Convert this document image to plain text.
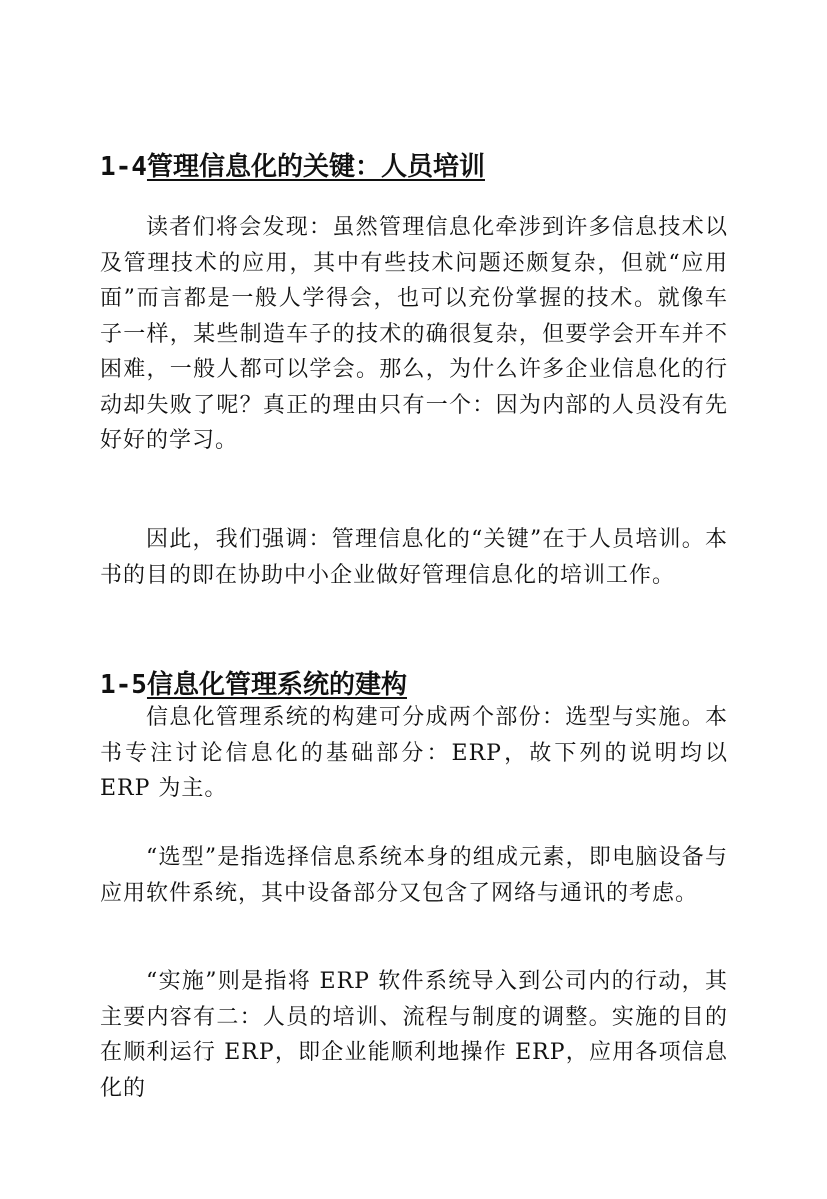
1-4管理信息化的关键：人员培训

读者们将会发现：虽然管理信息化牵涉到许多信息技术以及管理技术的应用，其中有些技术问题还颇复杂，但就“应用面”而言都是一般人学得会，也可以充份掌握的技术。就像车子一样，某些制造车子的技术的确很复杂，但要学会开车并不困难，一般人都可以学会。那么，为什么许多企业信息化的行动却失败了呢？真正的理由只有一个：因为内部的人员没有先好好的学习。

因此，我们强调：管理信息化的“关键”在于人员培训。本书的目的即在协助中小企业做好管理信息化的培训工作。

1-5信息化管理系统的建构

信息化管理系统的构建可分成两个部份：选型与实施。本书专注讨论信息化的基础部分：ERP，故下列的说明均以 ERP 为主。

“选型”是指选择信息系统本身的组成元素，即电脑设备与应用软件系统，其中设备部分又包含了网络与通讯的考虑。

“实施”则是指将 ERP 软件系统导入到公司内的行动，其主要内容有二：人员的培训、流程与制度的调整。实施的目的在顺利运行 ERP，即企业能顺利地操作 ERP，应用各项信息化的
